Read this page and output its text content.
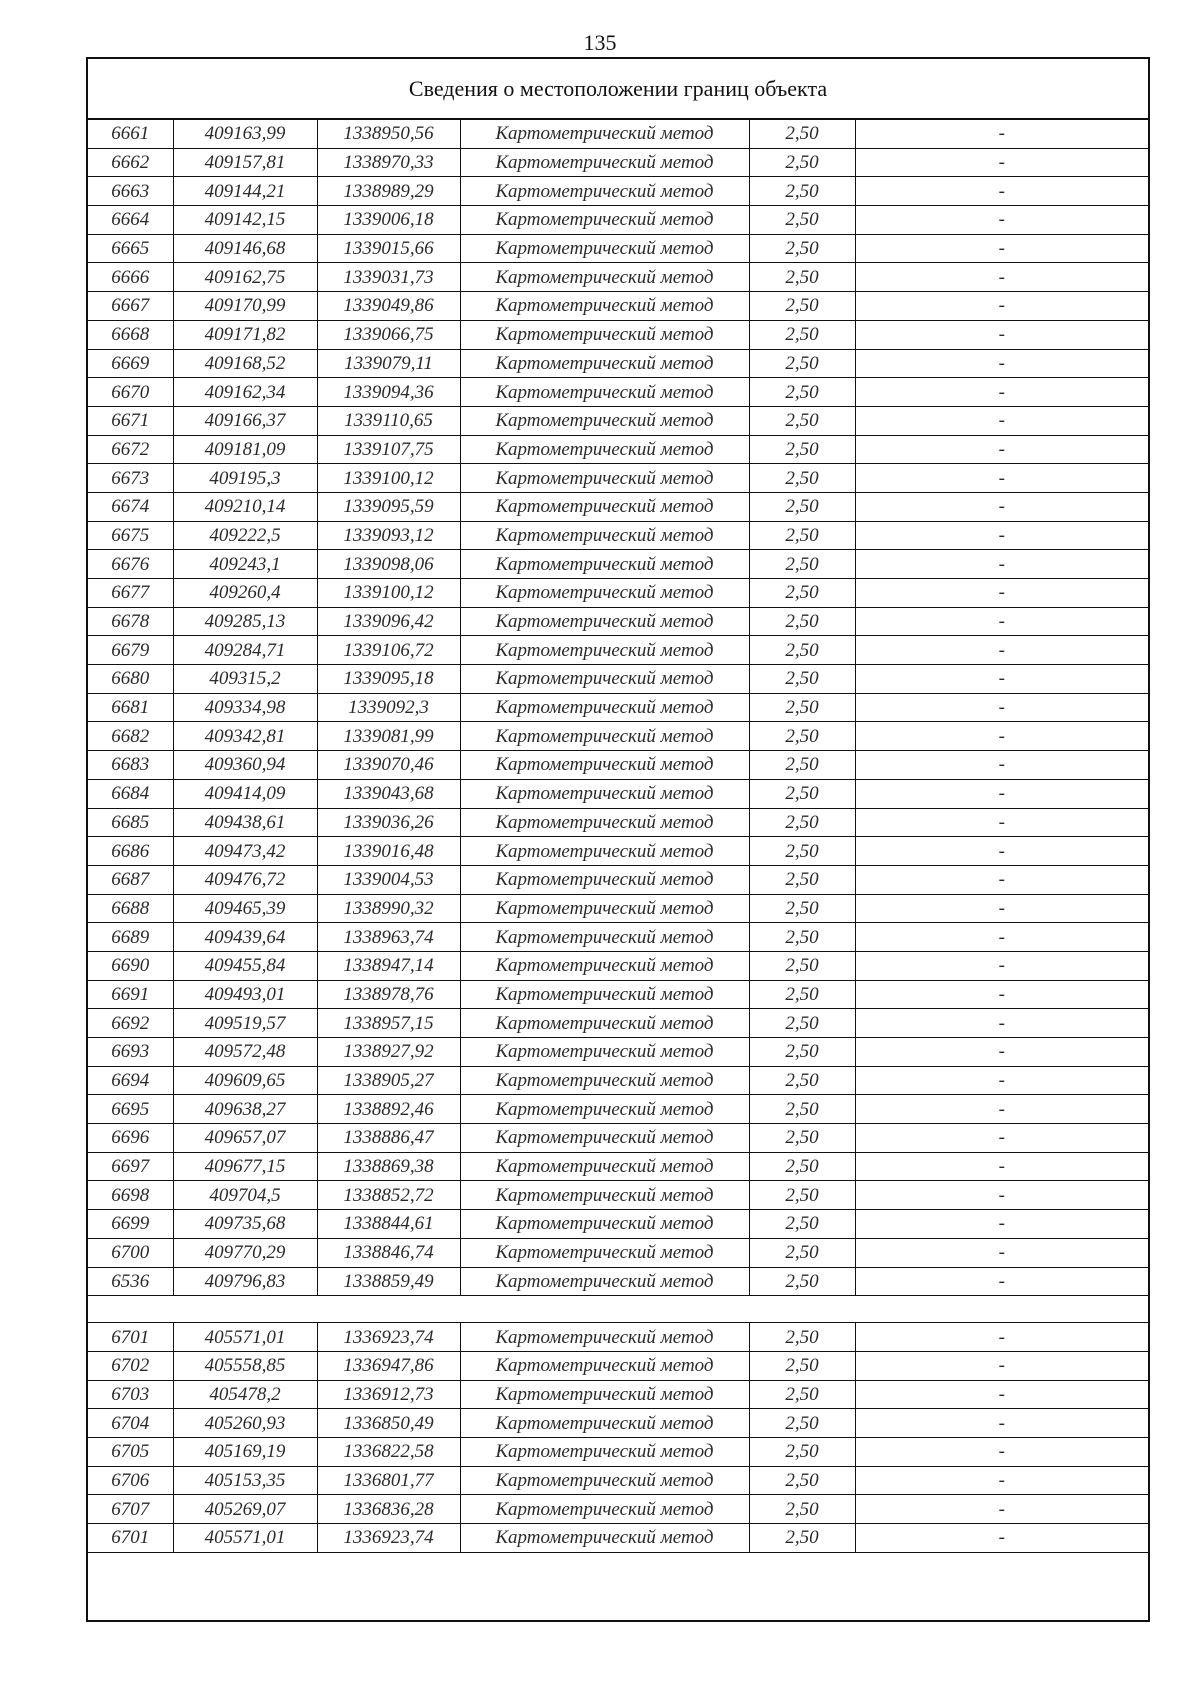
135
Сведения о местоположении границ объекта
6661	409163,99	1338950,56	Картометрический метод	2,50	-
6662	409157,81	1338970,33	Картометрический метод	2,50	-
6663	409144,21	1338989,29	Картометрический метод	2,50	-
6664	409142,15	1339006,18	Картометрический метод	2,50	-
6665	409146,68	1339015,66	Картометрический метод	2,50	-
6666	409162,75	1339031,73	Картометрический метод	2,50	-
6667	409170,99	1339049,86	Картометрический метод	2,50	-
6668	409171,82	1339066,75	Картометрический метод	2,50	-
6669	409168,52	1339079,11	Картометрический метод	2,50	-
6670	409162,34	1339094,36	Картометрический метод	2,50	-
6671	409166,37	1339110,65	Картометрический метод	2,50	-
6672	409181,09	1339107,75	Картометрический метод	2,50	-
6673	409195,3	1339100,12	Картометрический метод	2,50	-
6674	409210,14	1339095,59	Картометрический метод	2,50	-
6675	409222,5	1339093,12	Картометрический метод	2,50	-
6676	409243,1	1339098,06	Картометрический метод	2,50	-
6677	409260,4	1339100,12	Картометрический метод	2,50	-
6678	409285,13	1339096,42	Картометрический метод	2,50	-
6679	409284,71	1339106,72	Картометрический метод	2,50	-
6680	409315,2	1339095,18	Картометрический метод	2,50	-
6681	409334,98	1339092,3	Картометрический метод	2,50	-
6682	409342,81	1339081,99	Картометрический метод	2,50	-
6683	409360,94	1339070,46	Картометрический метод	2,50	-
6684	409414,09	1339043,68	Картометрический метод	2,50	-
6685	409438,61	1339036,26	Картометрический метод	2,50	-
6686	409473,42	1339016,48	Картометрический метод	2,50	-
6687	409476,72	1339004,53	Картометрический метод	2,50	-
6688	409465,39	1338990,32	Картометрический метод	2,50	-
6689	409439,64	1338963,74	Картометрический метод	2,50	-
6690	409455,84	1338947,14	Картометрический метод	2,50	-
6691	409493,01	1338978,76	Картометрический метод	2,50	-
6692	409519,57	1338957,15	Картометрический метод	2,50	-
6693	409572,48	1338927,92	Картометрический метод	2,50	-
6694	409609,65	1338905,27	Картометрический метод	2,50	-
6695	409638,27	1338892,46	Картометрический метод	2,50	-
6696	409657,07	1338886,47	Картометрический метод	2,50	-
6697	409677,15	1338869,38	Картометрический метод	2,50	-
6698	409704,5	1338852,72	Картометрический метод	2,50	-
6699	409735,68	1338844,61	Картометрический метод	2,50	-
6700	409770,29	1338846,74	Картометрический метод	2,50	-
6536	409796,83	1338859,49	Картометрический метод	2,50	-
6701	405571,01	1336923,74	Картометрический метод	2,50	-
6702	405558,85	1336947,86	Картометрический метод	2,50	-
6703	405478,2	1336912,73	Картометрический метод	2,50	-
6704	405260,93	1336850,49	Картометрический метод	2,50	-
6705	405169,19	1336822,58	Картометрический метод	2,50	-
6706	405153,35	1336801,77	Картометрический метод	2,50	-
6707	405269,07	1336836,28	Картометрический метод	2,50	-
6701	405571,01	1336923,74	Картометрический метод	2,50	-
